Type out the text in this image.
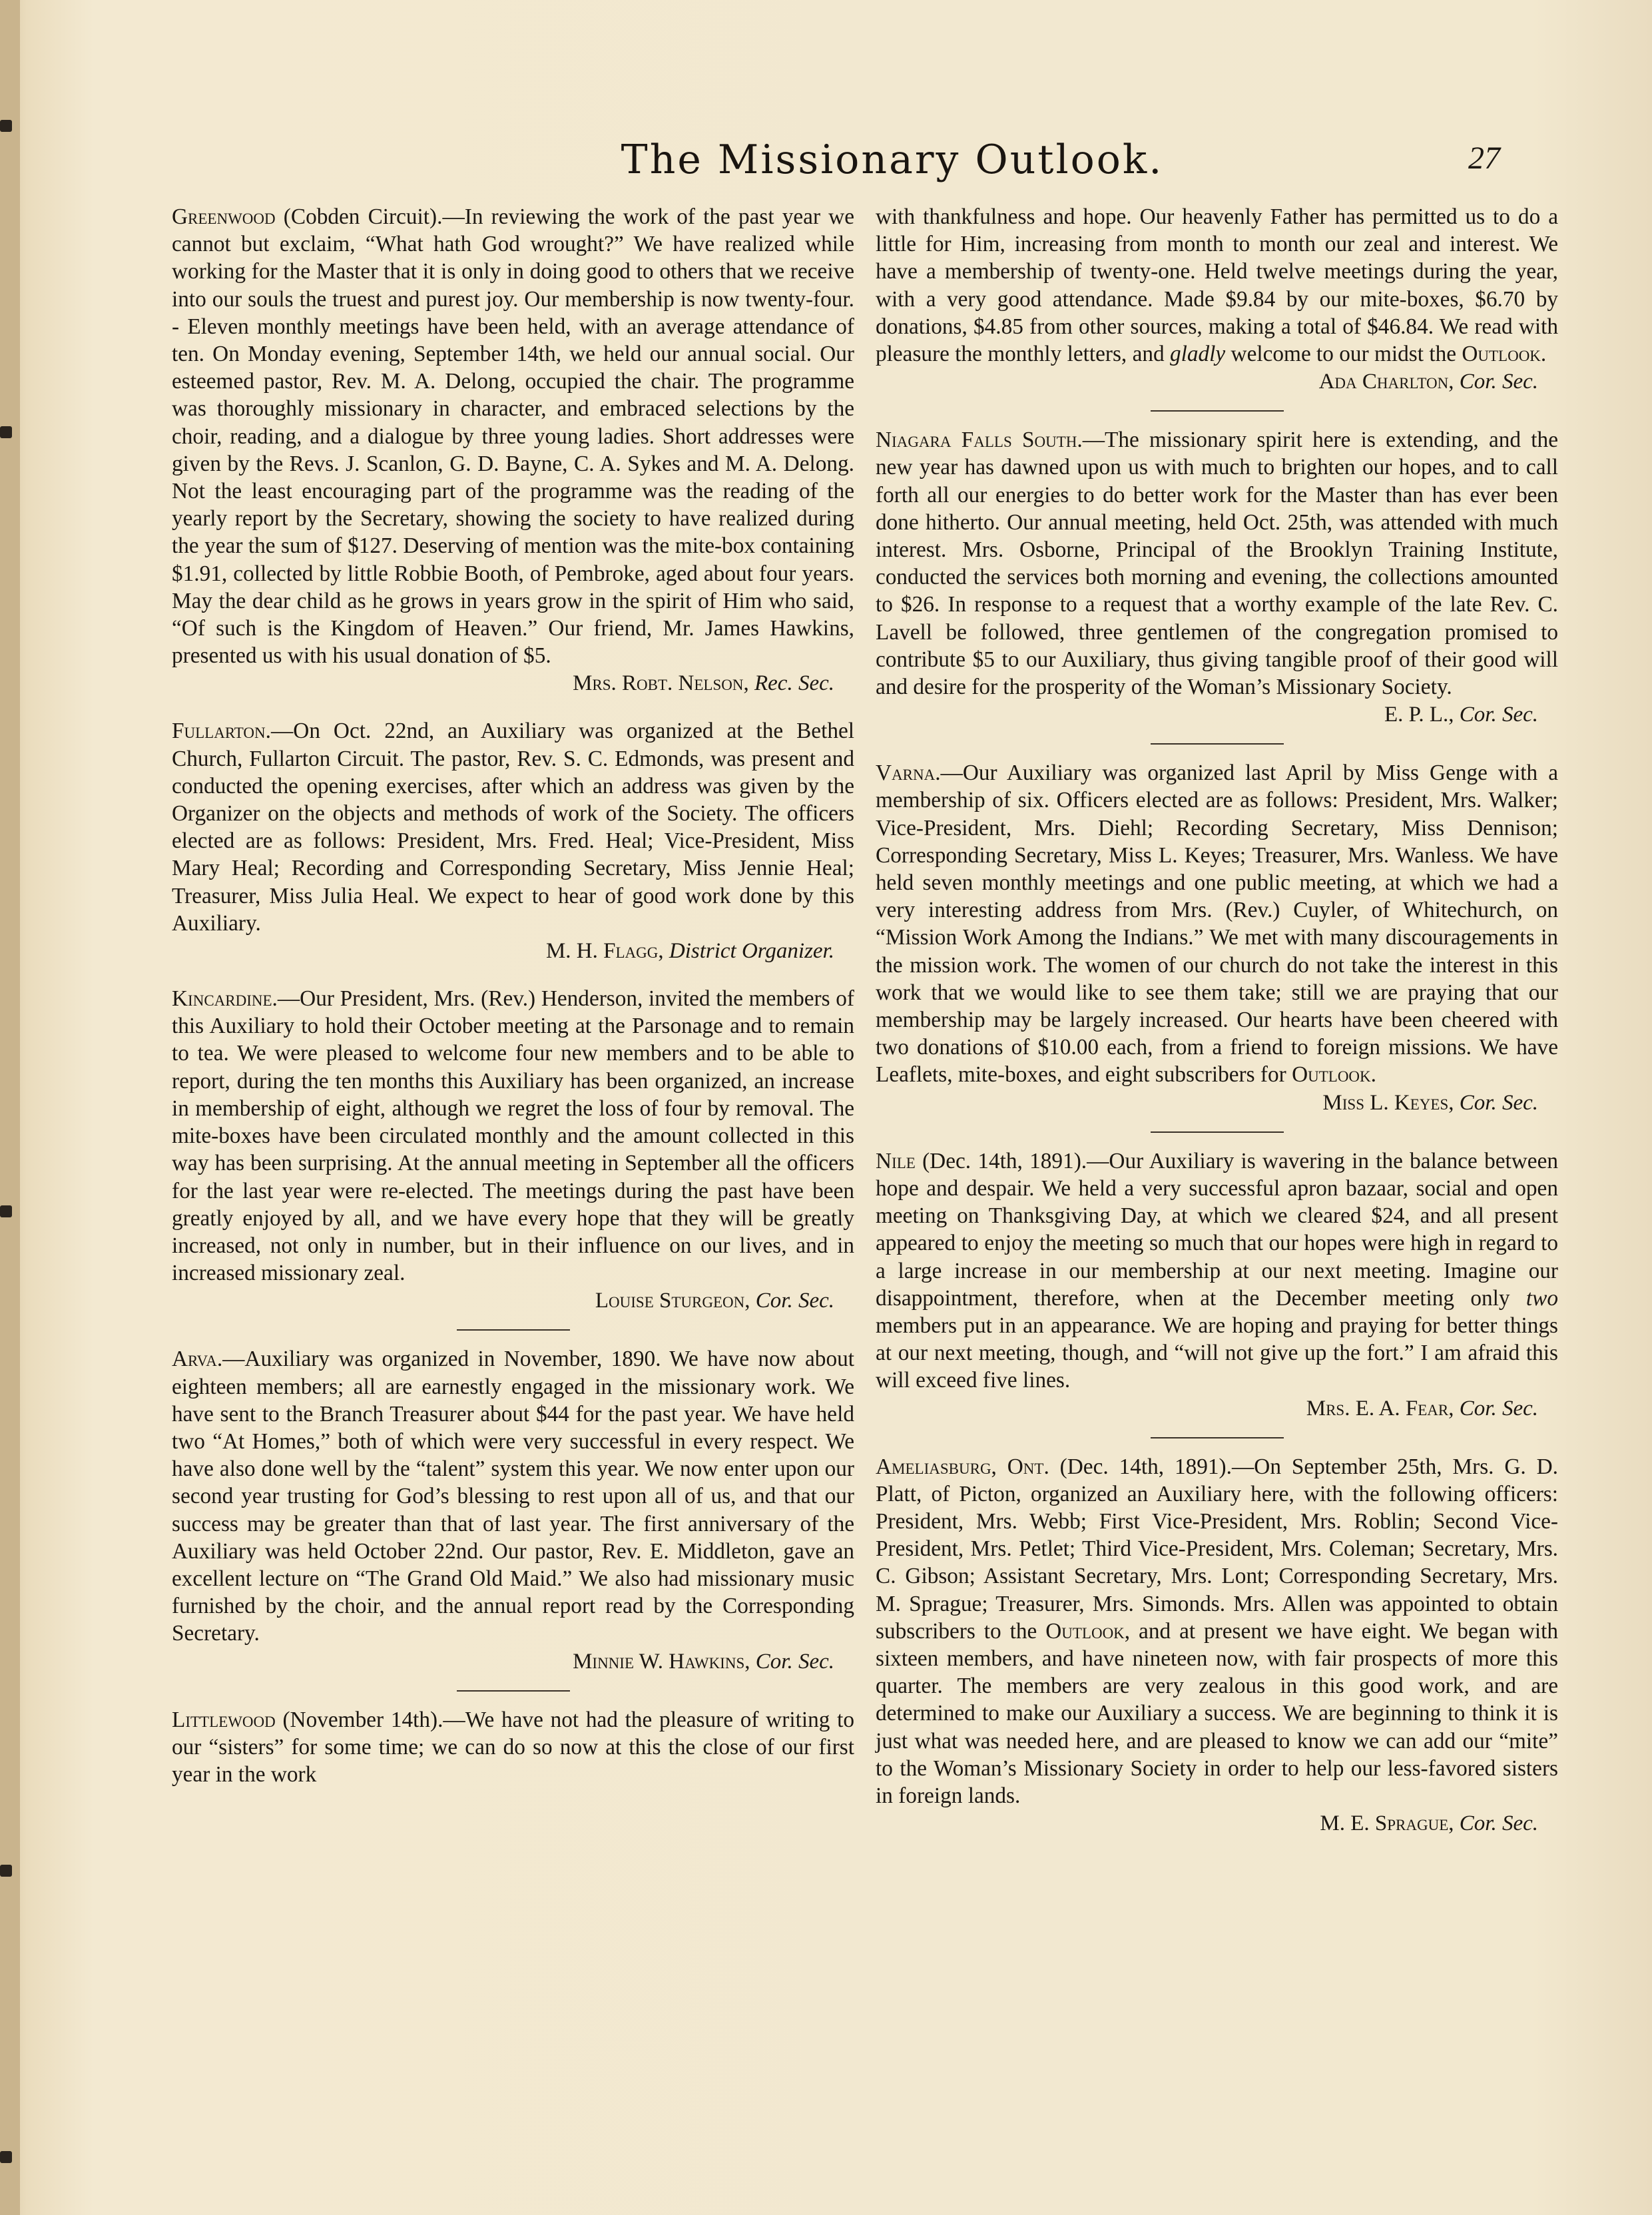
The Missionary Outlook.	27

Greenwood (Cobden Circuit).—In reviewing the work of the past year we cannot but exclaim, “What hath God wrought?” We have realized while working for the Master that it is only in doing good to others that we receive into our souls the truest and purest joy. Our membership is now twenty-four. - Eleven monthly meetings have been held, with an average attendance of ten. On Monday evening, September 14th, we held our annual social. Our esteemed pastor, Rev. M. A. Delong, occupied the chair. The programme was thoroughly missionary in character, and embraced selections by the choir, reading, and a dialogue by three young ladies. Short addresses were given by the Revs. J. Scanlon, G. D. Bayne, C. A. Sykes and M. A. Delong. Not the least encouraging part of the programme was the reading of the yearly report by the Secretary, showing the society to have realized during the year the sum of $127. Deserving of mention was the mite-box containing $1.91, collected by little Robbie Booth, of Pembroke, aged about four years. May the dear child as he grows in years grow in the spirit of Him who said, “Of such is the Kingdom of Heaven.” Our friend, Mr. James Hawkins, presented us with his usual donation of $5.

Mrs. Robt. Nelson, Rec. Sec.

Fullarton.—On Oct. 22nd, an Auxiliary was organized at the Bethel Church, Fullarton Circuit. The pastor, Rev. S. C. Edmonds, was present and conducted the opening exercises, after which an address was given by the Organizer on the objects and methods of work of the Society. The officers elected are as follows: President, Mrs. Fred. Heal; Vice-President, Miss Mary Heal; Recording and Corresponding Secretary, Miss Jennie Heal; Treasurer, Miss Julia Heal. We expect to hear of good work done by this Auxiliary.

M. H. Flagg, District Organizer.

Kincardine.—Our President, Mrs. (Rev.) Henderson, invited the members of this Auxiliary to hold their October meeting at the Parsonage and to remain to tea. We were pleased to welcome four new members and to be able to report, during the ten months this Auxiliary has been organized, an increase in membership of eight, although we regret the loss of four by removal. The mite-boxes have been circulated monthly and the amount collected in this way has been surprising. At the annual meeting in September all the officers for the last year were re-elected. The meetings during the past have been greatly enjoyed by all, and we have every hope that they will be greatly increased, not only in number, but in their influence on our lives, and in increased missionary zeal.

Louise Sturgeon, Cor. Sec.

Arva.—Auxiliary was organized in November, 1890. We have now about eighteen members; all are earnestly engaged in the missionary work. We have sent to the Branch Treasurer about $44 for the past year. We have held two “At Homes,” both of which were very successful in every respect. We have also done well by the “talent” system this year. We now enter upon our second year trusting for God’s blessing to rest upon all of us, and that our success may be greater than that of last year. The first anniversary of the Auxiliary was held October 22nd. Our pastor, Rev. E. Middleton, gave an excellent lecture on “The Grand Old Maid.” We also had missionary music furnished by the choir, and the annual report read by the Corresponding Secretary.

Minnie W. Hawkins, Cor. Sec.

Littlewood (November 14th).—We have not had the pleasure of writing to our “sisters” for some time; we can do so now at this the close of our first year in the work

with thankfulness and hope. Our heavenly Father has permitted us to do a little for Him, increasing from month to month our zeal and interest. We have a membership of twenty-one. Held twelve meetings during the year, with a very good attendance. Made $9.84 by our mite-boxes, $6.70 by donations, $4.85 from other sources, making a total of $46.84. We read with pleasure the monthly letters, and gladly welcome to our midst the Outlook.

Ada Charlton, Cor. Sec.

Niagara Falls South.—The missionary spirit here is extending, and the new year has dawned upon us with much to brighten our hopes, and to call forth all our energies to do better work for the Master than has ever been done hitherto. Our annual meeting, held Oct. 25th, was attended with much interest. Mrs. Osborne, Principal of the Brooklyn Training Institute, conducted the services both morning and evening, the collections amounted to $26. In response to a request that a worthy example of the late Rev. C. Lavell be followed, three gentlemen of the congregation promised to contribute $5 to our Auxiliary, thus giving tangible proof of their good will and desire for the prosperity of the Woman’s Missionary Society.

E. P. L., Cor. Sec.

Varna.—Our Auxiliary was organized last April by Miss Genge with a membership of six. Officers elected are as follows: President, Mrs. Walker; Vice-President, Mrs. Diehl; Recording Secretary, Miss Dennison; Corresponding Secretary, Miss L. Keyes; Treasurer, Mrs. Wanless. We have held seven monthly meetings and one public meeting, at which we had a very interesting address from Mrs. (Rev.) Cuyler, of Whitechurch, on “Mission Work Among the Indians.” We met with many discouragements in the mission work. The women of our church do not take the interest in this work that we would like to see them take; still we are praying that our membership may be largely increased. Our hearts have been cheered with two donations of $10.00 each, from a friend to foreign missions. We have Leaflets, mite-boxes, and eight subscribers for Outlook.

Miss L. Keyes, Cor. Sec.

Nile (Dec. 14th, 1891).—Our Auxiliary is wavering in the balance between hope and despair. We held a very successful apron bazaar, social and open meeting on Thanksgiving Day, at which we cleared $24, and all present appeared to enjoy the meeting so much that our hopes were high in regard to a large increase in our membership at our next meeting. Imagine our disappointment, therefore, when at the December meeting only two members put in an appearance. We are hoping and praying for better things at our next meeting, though, and “will not give up the fort.” I am afraid this will exceed five lines.

Mrs. E. A. Fear, Cor. Sec.

Ameliasburg, Ont. (Dec. 14th, 1891).—On September 25th, Mrs. G. D. Platt, of Picton, organized an Auxiliary here, with the following officers: President, Mrs. Webb; First Vice-President, Mrs. Roblin; Second Vice-President, Mrs. Petlet; Third Vice-President, Mrs. Coleman; Secretary, Mrs. C. Gibson; Assistant Secretary, Mrs. Lont; Corresponding Secretary, Mrs. M. Sprague; Treasurer, Mrs. Simonds. Mrs. Allen was appointed to obtain subscribers to the Outlook, and at present we have eight. We began with sixteen members, and have nineteen now, with fair prospects of more this quarter. The members are very zealous in this good work, and are determined to make our Auxiliary a success. We are beginning to think it is just what was needed here, and are pleased to know we can add our “mite” to the Woman’s Missionary Society in order to help our less-favored sisters in foreign lands.

M. E. Sprague, Cor. Sec.
